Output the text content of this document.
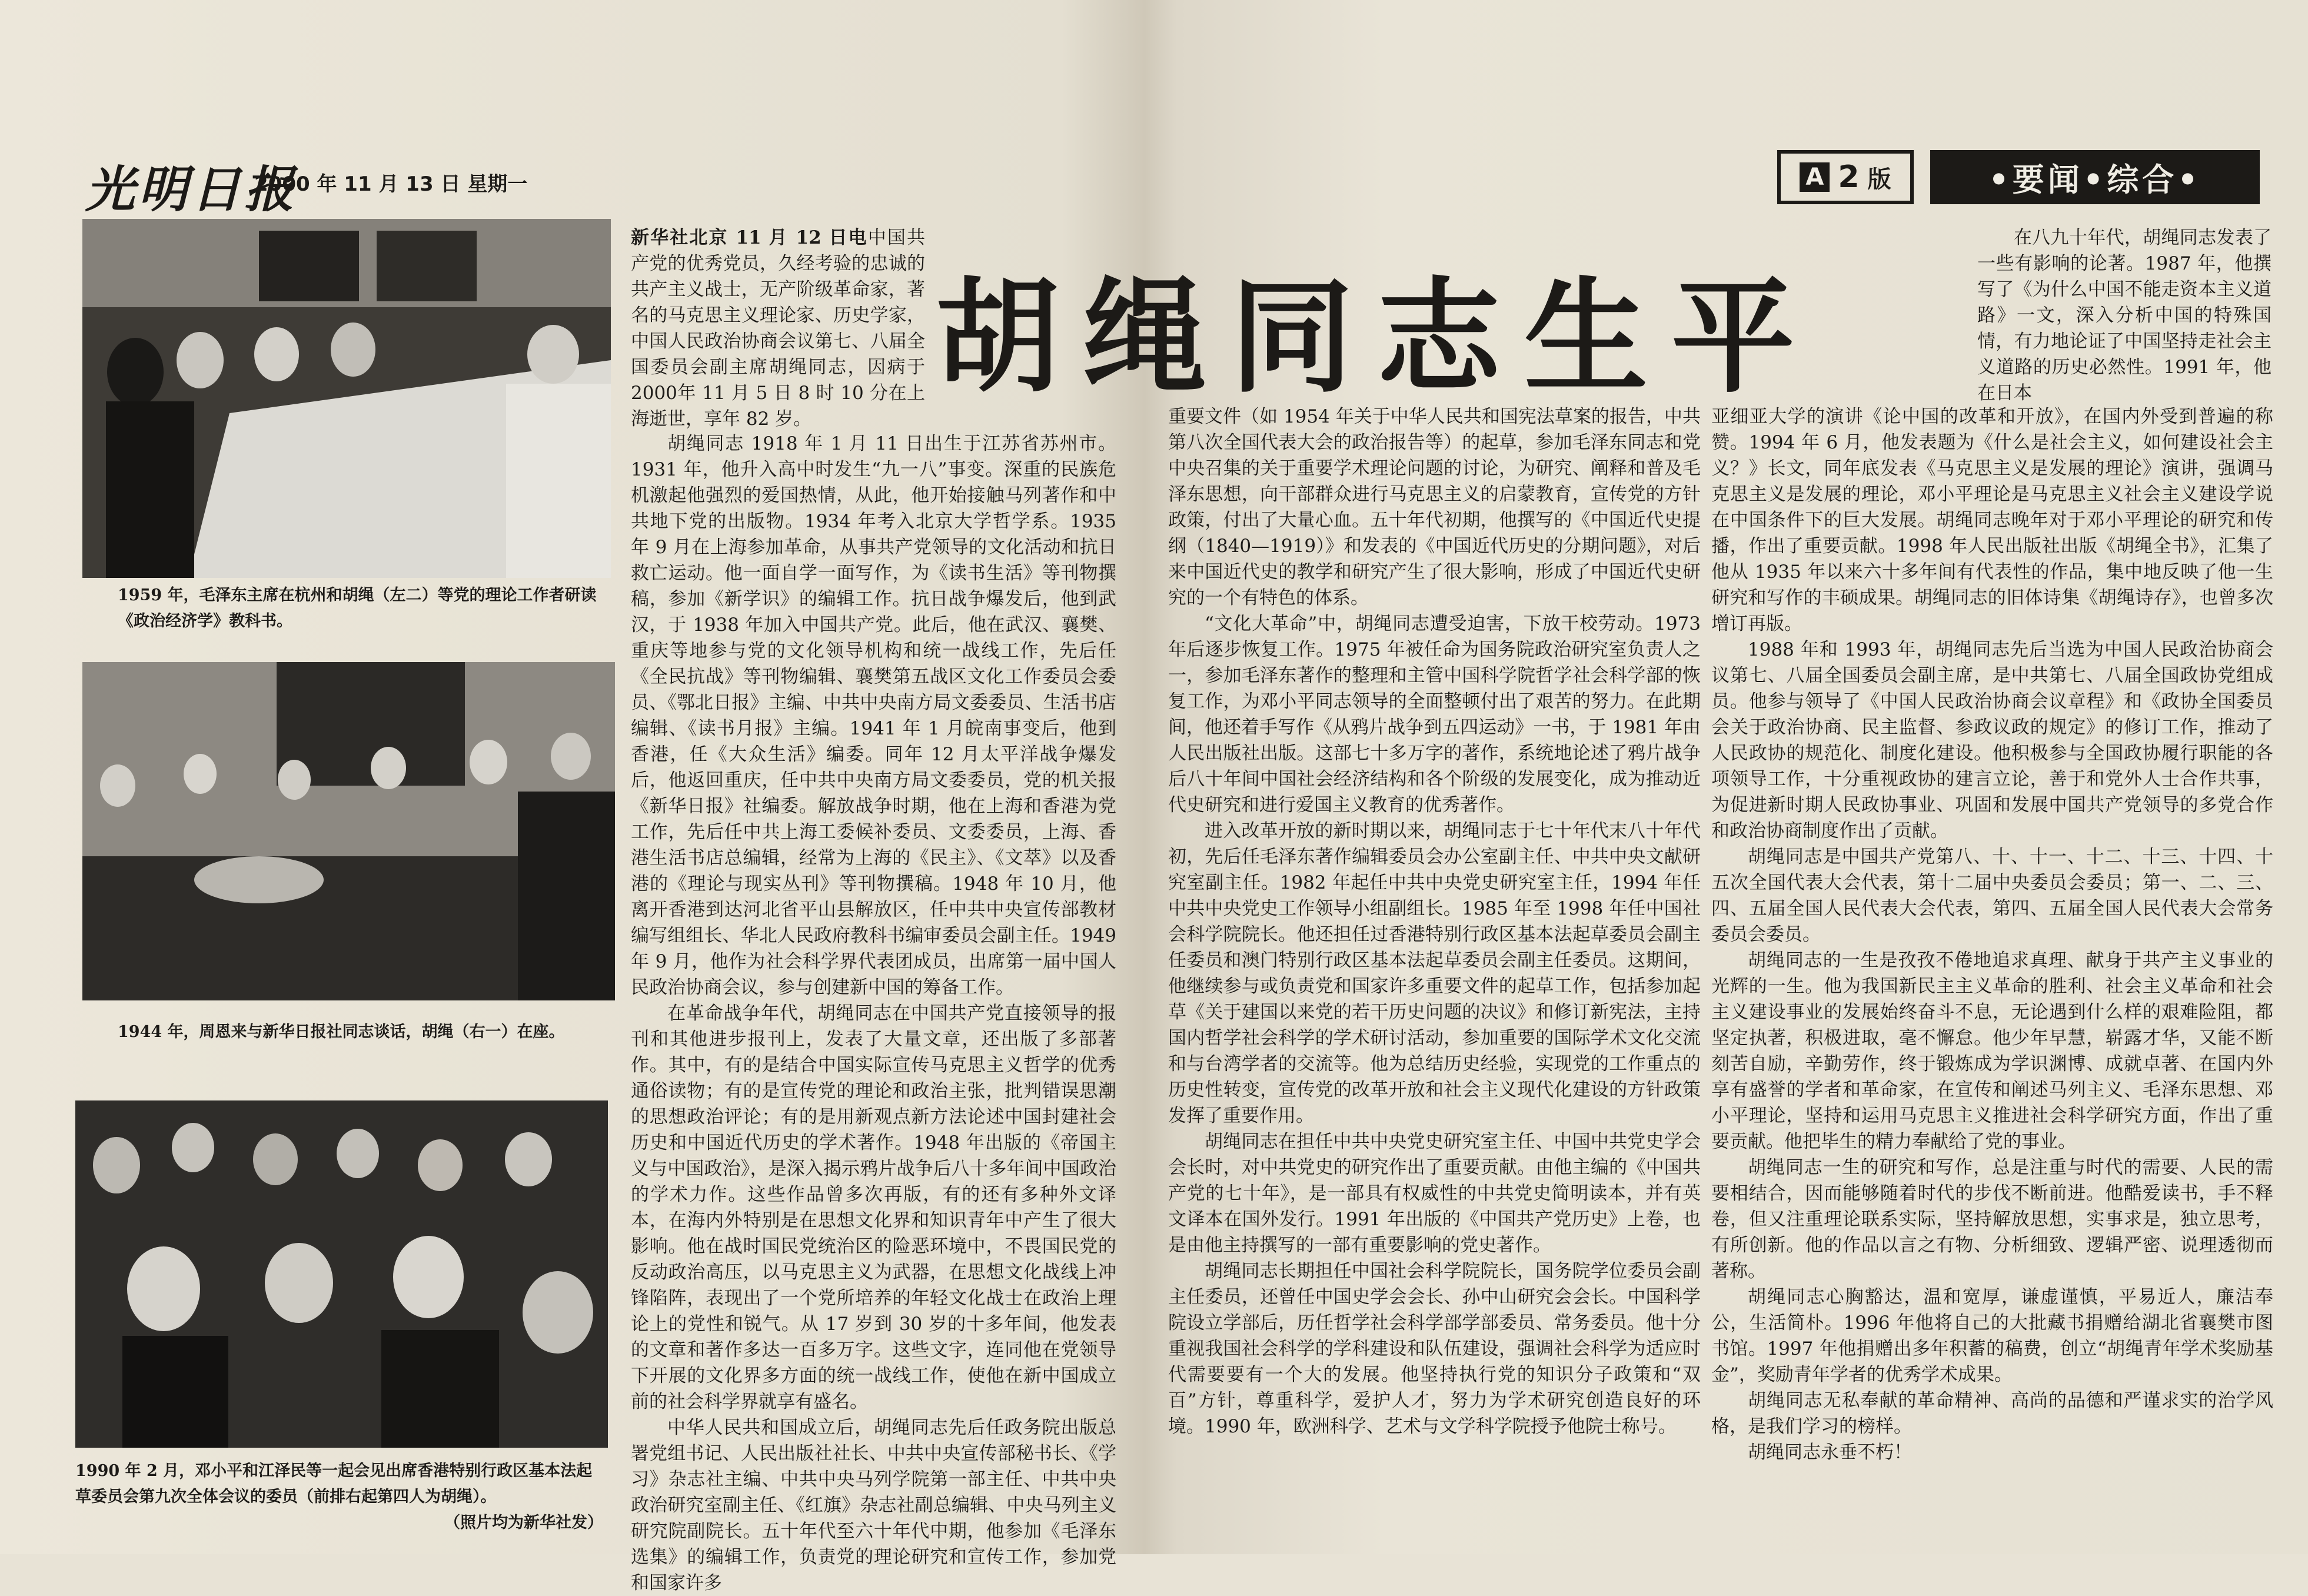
光明日报
2000 年 11 月 13 日 星期一	A 2 版	•要闻•综合•
胡绳同志生平
1959 年，毛泽东主席在杭州和胡绳（左二）等党的理论工作者研读《政治经济学》教科书。
1944 年，周恩来与新华日报社同志谈话，胡绳（右一）在座。
1990 年 2 月，邓小平和江泽民等一起会见出席香港特别行政区基本法起草委员会第九次全体会议的委员（前排右起第四人为胡绳）。
（照片均为新华社发）

新华社北京 11 月 12 日电中国共产党的优秀党员，久经考验的忠诚的共产主义战士，无产阶级革命家，著名的马克思主义理论家、历史学家，中国人民政治协商会议第七、八届全国委员会副主席胡绳同志，因病于2000年 11 月 5 日 8 时 10 分在上海逝世，享年 82 岁。

胡绳同志 1918 年 1 月 11 日出生于江苏省苏州市。1931 年，他升入高中时发生“九一八”事变。深重的民族危机激起他强烈的爱国热情，从此，他开始接触马列著作和中共地下党的出版物。1934 年考入北京大学哲学系。1935 年 9 月在上海参加革命，从事共产党领导的文化活动和抗日救亡运动。他一面自学一面写作，为《读书生活》等刊物撰稿，参加《新学识》的编辑工作。抗日战争爆发后，他到武汉，于 1938 年加入中国共产党。此后，他在武汉、襄樊、重庆等地参与党的文化领导机构和统一战线工作，先后任《全民抗战》等刊物编辑、襄樊第五战区文化工作委员会委员、《鄂北日报》主编、中共中央南方局文委委员、生活书店编辑、《读书月报》主编。1941 年 1 月皖南事变后，他到香港，任《大众生活》编委。同年 12 月太平洋战争爆发后，他返回重庆，任中共中央南方局文委委员，党的机关报《新华日报》社编委。解放战争时期，他在上海和香港为党工作，先后任中共上海工委候补委员、文委委员，上海、香港生活书店总编辑，经常为上海的《民主》、《文萃》以及香港的《理论与现实丛刊》等刊物撰稿。1948 年 10 月，他离开香港到达河北省平山县解放区，任中共中央宣传部教材编写组组长、华北人民政府教科书编审委员会副主任。1949 年 9 月，他作为社会科学界代表团成员，出席第一届中国人民政治协商会议，参与创建新中国的筹备工作。

在革命战争年代，胡绳同志在中国共产党直接领导的报刊和其他进步报刊上，发表了大量文章，还出版了多部著作。其中，有的是结合中国实际宣传马克思主义哲学的优秀通俗读物；有的是宣传党的理论和政治主张，批判错误思潮的思想政治评论；有的是用新观点新方法论述中国封建社会历史和中国近代历史的学术著作。1948 年出版的《帝国主义与中国政治》，是深入揭示鸦片战争后八十多年间中国政治的学术力作。这些作品曾多次再版，有的还有多种外文译本，在海内外特别是在思想文化界和知识青年中产生了很大影响。他在战时国民党统治区的险恶环境中，不畏国民党的反动政治高压，以马克思主义为武器，在思想文化战线上冲锋陷阵，表现出了一个党所培养的年轻文化战士在政治上理论上的党性和锐气。从 17 岁到 30 岁的十多年间，他发表的文章和著作多达一百多万字。这些文字，连同他在党领导下开展的文化界多方面的统一战线工作，使他在新中国成立前的社会科学界就享有盛名。

中华人民共和国成立后，胡绳同志先后任政务院出版总署党组书记、人民出版社社长、中共中央宣传部秘书长、《学习》杂志社主编、中共中央马列学院第一部主任、中共中央政治研究室副主任、《红旗》杂志社副总编辑、中央马列主义研究院副院长。五十年代至六十年代中期，他参加《毛泽东选集》的编辑工作，负责党的理论研究和宣传工作，参加党和国家许多

重要文件（如 1954 年关于中华人民共和国宪法草案的报告，中共第八次全国代表大会的政治报告等）的起草，参加毛泽东同志和党中央召集的关于重要学术理论问题的讨论，为研究、阐释和普及毛泽东思想，向干部群众进行马克思主义的启蒙教育，宣传党的方针政策，付出了大量心血。五十年代初期，他撰写的《中国近代史提纲（1840—1919）》和发表的《中国近代历史的分期问题》，对后来中国近代史的教学和研究产生了很大影响，形成了中国近代史研究的一个有特色的体系。

“文化大革命”中，胡绳同志遭受迫害，下放干校劳动。1973 年后逐步恢复工作。1975 年被任命为国务院政治研究室负责人之一，参加毛泽东著作的整理和主管中国科学院哲学社会科学部的恢复工作，为邓小平同志领导的全面整顿付出了艰苦的努力。在此期间，他还着手写作《从鸦片战争到五四运动》一书，于 1981 年由人民出版社出版。这部七十多万字的著作，系统地论述了鸦片战争后八十年间中国社会经济结构和各个阶级的发展变化，成为推动近代史研究和进行爱国主义教育的优秀著作。

进入改革开放的新时期以来，胡绳同志于七十年代末八十年代初，先后任毛泽东著作编辑委员会办公室副主任、中共中央文献研究室副主任。1982 年起任中共中央党史研究室主任，1994 年任中共中央党史工作领导小组副组长。1985 年至 1998 年任中国社会科学院院长。他还担任过香港特别行政区基本法起草委员会副主任委员和澳门特别行政区基本法起草委员会副主任委员。这期间，他继续参与或负责党和国家许多重要文件的起草工作，包括参加起草《关于建国以来党的若干历史问题的决议》和修订新宪法，主持国内哲学社会科学的学术研讨活动，参加重要的国际学术文化交流和与台湾学者的交流等。他为总结历史经验，实现党的工作重点的历史性转变，宣传党的改革开放和社会主义现代化建设的方针政策发挥了重要作用。

胡绳同志在担任中共中央党史研究室主任、中国中共党史学会会长时，对中共党史的研究作出了重要贡献。由他主编的《中国共产党的七十年》，是一部具有权威性的中共党史简明读本，并有英文译本在国外发行。1991 年出版的《中国共产党历史》上卷，也是由他主持撰写的一部有重要影响的党史著作。

胡绳同志长期担任中国社会科学院院长，国务院学位委员会副主任委员，还曾任中国史学会会长、孙中山研究会会长。中国科学院设立学部后，历任哲学社会科学部学部委员、常务委员。他十分重视我国社会科学的学科建设和队伍建设，强调社会科学为适应时代需要要有一个大的发展。他坚持执行党的知识分子政策和“双百”方针，尊重科学，爱护人才，努力为学术研究创造良好的环境。1990 年，欧洲科学、艺术与文学科学院授予他院士称号。

在八九十年代，胡绳同志发表了一些有影响的论著。1987 年，他撰写了《为什么中国不能走资本主义道路》一文，深入分析中国的特殊国情，有力地论证了中国坚持走社会主义道路的历史必然性。1991 年，他在日本

亚细亚大学的演讲《论中国的改革和开放》，在国内外受到普遍的称赞。1994 年 6 月，他发表题为《什么是社会主义，如何建设社会主义？》长文，同年底发表《马克思主义是发展的理论》演讲，强调马克思主义是发展的理论，邓小平理论是马克思主义社会主义建设学说在中国条件下的巨大发展。胡绳同志晚年对于邓小平理论的研究和传播，作出了重要贡献。1998 年人民出版社出版《胡绳全书》，汇集了他从 1935 年以来六十多年间有代表性的作品，集中地反映了他一生研究和写作的丰硕成果。胡绳同志的旧体诗集《胡绳诗存》，也曾多次增订再版。

1988 年和 1993 年，胡绳同志先后当选为中国人民政治协商会议第七、八届全国委员会副主席，是中共第七、八届全国政协党组成员。他参与领导了《中国人民政治协商会议章程》和《政协全国委员会关于政治协商、民主监督、参政议政的规定》的修订工作，推动了人民政协的规范化、制度化建设。他积极参与全国政协履行职能的各项领导工作，十分重视政协的建言立论，善于和党外人士合作共事，为促进新时期人民政协事业、巩固和发展中国共产党领导的多党合作和政治协商制度作出了贡献。

胡绳同志是中国共产党第八、十、十一、十二、十三、十四、十五次全国代表大会代表，第十二届中央委员会委员；第一、二、三、四、五届全国人民代表大会代表，第四、五届全国人民代表大会常务委员会委员。

胡绳同志的一生是孜孜不倦地追求真理、献身于共产主义事业的光辉的一生。他为我国新民主主义革命的胜利、社会主义革命和社会主义建设事业的发展始终奋斗不息，无论遇到什么样的艰难险阻，都坚定执著，积极进取，毫不懈怠。他少年早慧，崭露才华，又能不断刻苦自励，辛勤劳作，终于锻炼成为学识渊博、成就卓著、在国内外享有盛誉的学者和革命家，在宣传和阐述马列主义、毛泽东思想、邓小平理论，坚持和运用马克思主义推进社会科学研究方面，作出了重要贡献。他把毕生的精力奉献给了党的事业。

胡绳同志一生的研究和写作，总是注重与时代的需要、人民的需要相结合，因而能够随着时代的步伐不断前进。他酷爱读书，手不释卷，但又注重理论联系实际，坚持解放思想，实事求是，独立思考，有所创新。他的作品以言之有物、分析细致、逻辑严密、说理透彻而著称。

胡绳同志心胸豁达，温和宽厚，谦虚谨慎，平易近人，廉洁奉公，生活简朴。1996 年他将自己的大批藏书捐赠给湖北省襄樊市图书馆。1997 年他捐赠出多年积蓄的稿费，创立“胡绳青年学术奖励基金”，奖励青年学者的优秀学术成果。

胡绳同志无私奉献的革命精神、高尚的品德和严谨求实的治学风格，是我们学习的榜样。

胡绳同志永垂不朽！
